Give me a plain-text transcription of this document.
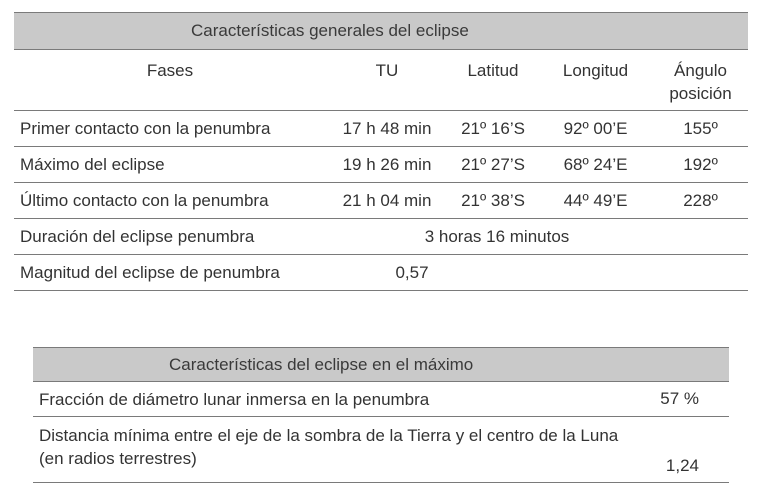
Características generales del eclipse
Fases	TU	Latitud	Longitud	Ángulo
posición
Primer contacto con la penumbra	17 h 48 min	21º 16’S	92º 00’E	155º
Máximo del eclipse	19 h 26 min	21º 27’S	68º 24’E	192º
Último contacto con la penumbra	21 h 04 min	21º 38’S	44º 49’E	228º
Duración del eclipse penumbra	3 horas 16 minutos
Magnitud del eclipse de penumbra	0,57
Características del eclipse en el máximo
Fracción de diámetro lunar inmersa en la penumbra	57 %
Distancia mínima entre el eje de la sombra de la Tierra y el centro de la Luna (en radios terrestres)	1,24
